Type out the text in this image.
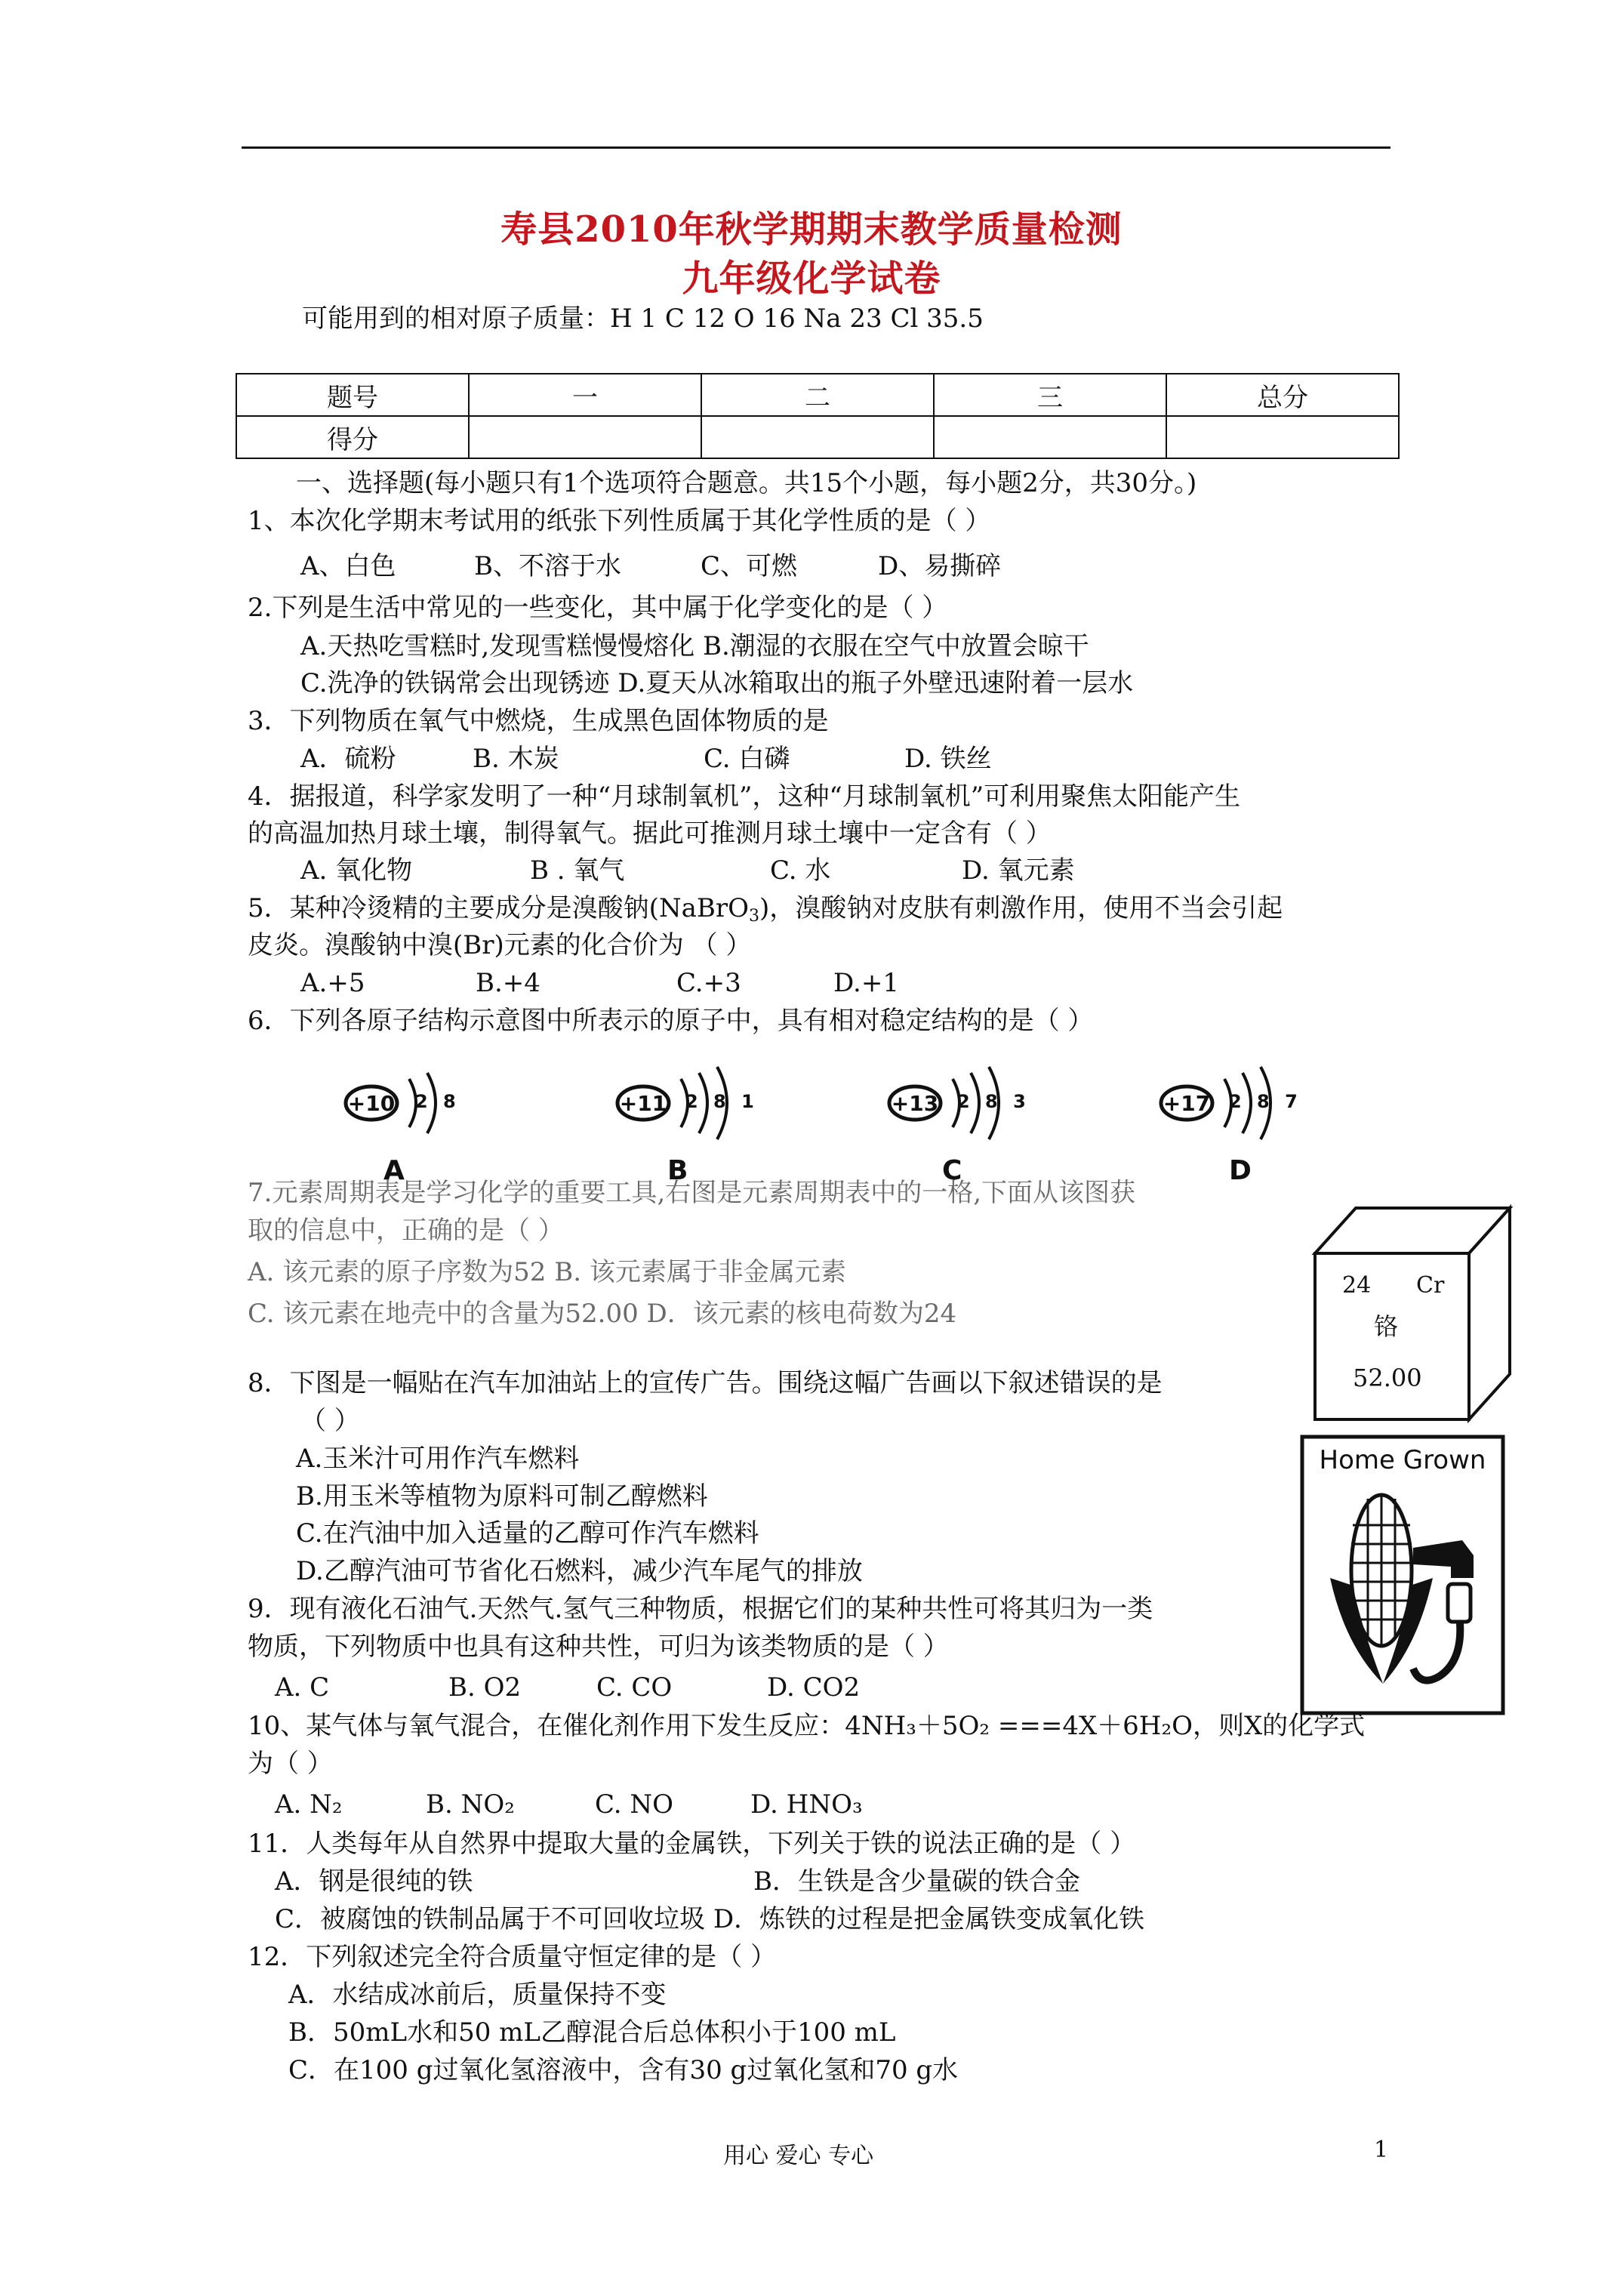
寿县2010年秋学期期末教学质量检测
九年级化学试卷
可能用到的相对原子质量：H 1 C 12 O 16 Na 23 Cl 35.5
题号	一	二	三	总分
得分				
一、选择题(每小题只有1个选项符合题意。共15个小题，每小题2分，共30分。)
1、本次化学期末考试用的纸张下列性质属于其化学性质的是（ ）
A、白色	B、不溶于水	C、可燃	D、易撕碎
2.下列是生活中常见的一些变化，其中属于化学变化的是（ ）
A.天热吃雪糕时,发现雪糕慢慢熔化 B.潮湿的衣服在空气中放置会晾干
C.洗净的铁锅常会出现锈迹 D.夏天从冰箱取出的瓶子外壁迅速附着一层水
3．下列物质在氧气中燃烧，生成黑色固体物质的是
A．硫粉	B. 木炭	C. 白磷	D. 铁丝
4．据报道，科学家发明了一种“月球制氧机”，这种“月球制氧机”可利用聚焦太阳能产生
的高温加热月球土壤，制得氧气。据此可推测月球土壤中一定含有（ ）
A. 氧化物	B . 氧气	C. 水	D. 氧元素
5．某种冷烫精的主要成分是溴酸钠(NaBrO$_3$)，溴酸钠对皮肤有刺激作用，使用不当会引起
皮炎。溴酸钠中溴(Br)元素的化合价为 （ ）
A.+5	B.+4	C.+3	D.+1
6．下列各原子结构示意图中所表示的原子中，具有相对稳定结构的是（ ）
+10 2 8	+11 2 8 1	+13 2 8 3	+17 2 8 7
A	B	C	D
7.元素周期表是学习化学的重要工具,右图是元素周期表中的一格,下面从该图获
取的信息中，正确的是（ ）
A. 该元素的原子序数为52 B. 该元素属于非金属元素
C. 该元素在地壳中的含量为52.00 D．该元素的核电荷数为24
24 Cr
铬
52.00
8．下图是一幅贴在汽车加油站上的宣传广告。围绕这幅广告画以下叙述错误的是
（ ）
A.玉米汁可用作汽车燃料
B.用玉米等植物为原料可制乙醇燃料
C.在汽油中加入适量的乙醇可作汽车燃料
D.乙醇汽油可节省化石燃料，减少汽车尾气的排放
Home Grown
9．现有液化石油气.天然气.氢气三种物质，根据它们的某种共性可将其归为一类
物质，下列物质中也具有这种共性，可归为该类物质的是（ ）
A. C	B. O2	C. CO	D. CO2
10、某气体与氧气混合，在催化剂作用下发生反应：4NH₃＋5O₂ ===4X＋6H₂O，则X的化学式
为（ ）
A. N₂	B. NO₂	C. NO	D. HNO₃
11．人类每年从自然界中提取大量的金属铁，下列关于铁的说法正确的是（ ）
A．钢是很纯的铁	B．生铁是含少量碳的铁合金
C．被腐蚀的铁制品属于不可回收垃圾 D．炼铁的过程是把金属铁变成氧化铁
12．下列叙述完全符合质量守恒定律的是（ ）
A．水结成冰前后，质量保持不变
B．50mL水和50 mL乙醇混合后总体积小于100 mL
C．在100 g过氧化氢溶液中，含有30 g过氧化氢和70 g水
用心 爱心 专心	1
